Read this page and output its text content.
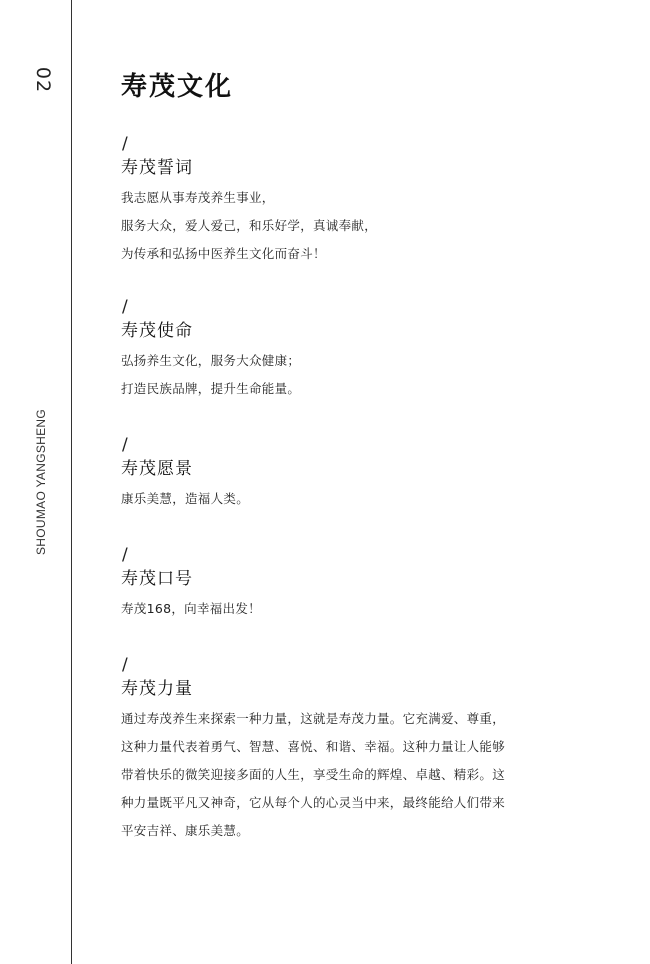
02
SHOUMAO YANGSHENG
寿茂文化
/
寿茂誓词
我志愿从事寿茂养生事业，
服务大众，爱人爱己，和乐好学，真诚奉献，
为传承和弘扬中医养生文化而奋斗！
/
寿茂使命
弘扬养生文化，服务大众健康；
打造民族品牌，提升生命能量。
/
寿茂愿景
康乐美慧，造福人类。
/
寿茂口号
寿茂168，向幸福出发！
/
寿茂力量
通过寿茂养生来探索一种力量，这就是寿茂力量。它充满爱、尊重，
这种力量代表着勇气、智慧、喜悦、和谐、幸福。这种力量让人能够
带着快乐的微笑迎接多面的人生，享受生命的辉煌、卓越、精彩。这
种力量既平凡又神奇，它从每个人的心灵当中来，最终能给人们带来
平安吉祥、康乐美慧。
